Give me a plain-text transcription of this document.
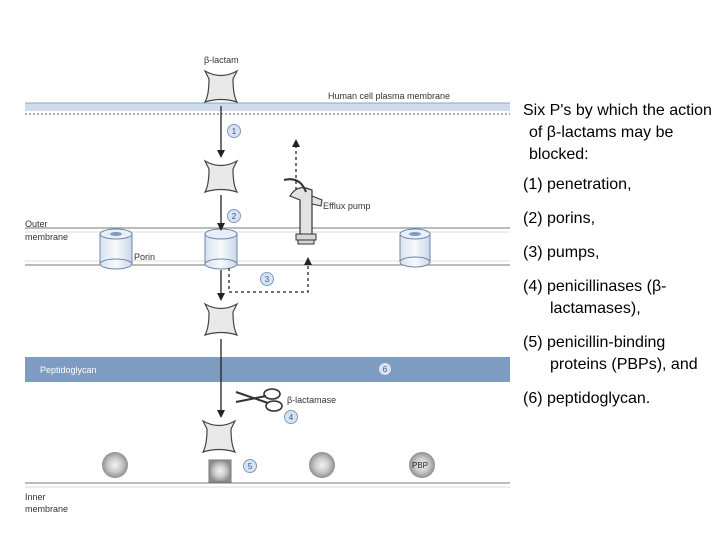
Human cell plasma membrane
Outer
membrane
Porin
Peptidoglycan
Inner
membrane
β-lactam
Efflux pump
β-lactamase
PBP
1
2
3
4
5
6

Six P's by which the action of β-lactams may be blocked:

(1) penetration,
(2) porins,
(3) pumps,
(4) penicillinases (β-lactamases),
(5) penicillin-binding proteins (PBPs), and
(6) peptidoglycan.
